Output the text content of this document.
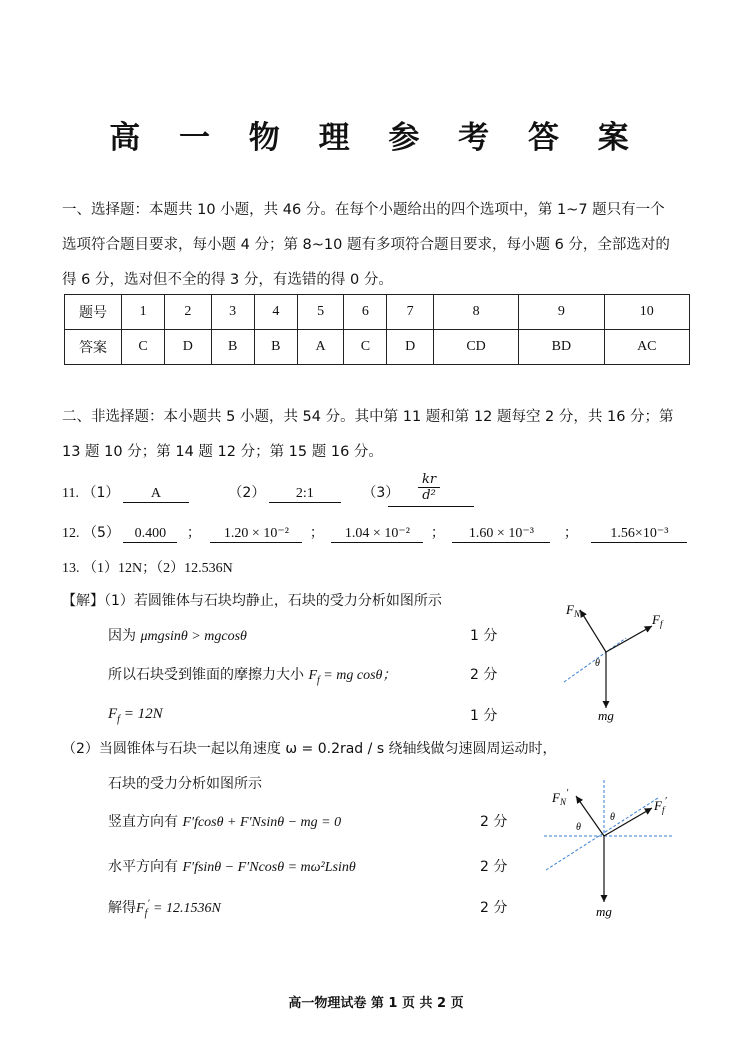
高 一 物 理 参 考 答 案
一、选择题：本题共 10 小题，共 46 分。在每个小题给出的四个选项中，第 1~7 题只有一个
选项符合题目要求，每小题 4 分；第 8~10 题有多项符合题目要求，每小题 6 分，全部选对的
得 6 分，选对但不全的得 3 分，有选错的得 0 分。
题号	1	2	3	4	5	6	7	8	9	10
答案	C	D	B	B	A	C	D	CD	BD	AC
二、非选择题：本小题共 5 小题，共 54 分。其中第 11 题和第 12 题每空 2 分，共 16 分；第
13 题 10 分；第 14 题 12 分；第 15 题 16 分。
11. （1） A	（2） 2:1	$(3) \frac{kr}{\text{d²}}$
12. （5） 0.400 ； 1.20 × 10⁻² ； 1.04 × 10⁻² ； 1.60 × 10⁻³ ； 1.56×10⁻³
13. （1）12N；（2）12.536N
【解】（1）若圆锥体与石块均静止，石块的受力分析如图所示
因为 μmgsinθ > mgcosθ	1 分
所以石块受到锥面的摩擦力大小 $F_f$ = mg cosθ；	2 分
$F_f = 12N$	1 分
（2）当圆锥体与石块一起以角速度 ω = 0.2rad / s 绕轴线做匀速圆周运动时，
石块的受力分析如图所示
竖直方向有 F′fcosθ + F′Nsinθ − mg = 0	2 分
水平方向有 F′fsinθ − F′Ncosθ = mω²Lsinθ	2 分
解得$F_f' = 12.1536N$	2 分
$F_N$	$F_f$
θ
mg
$F_N'$
$F_f'$
θ
θ
mg
高一物理试卷 第 1 页 共 2 页
